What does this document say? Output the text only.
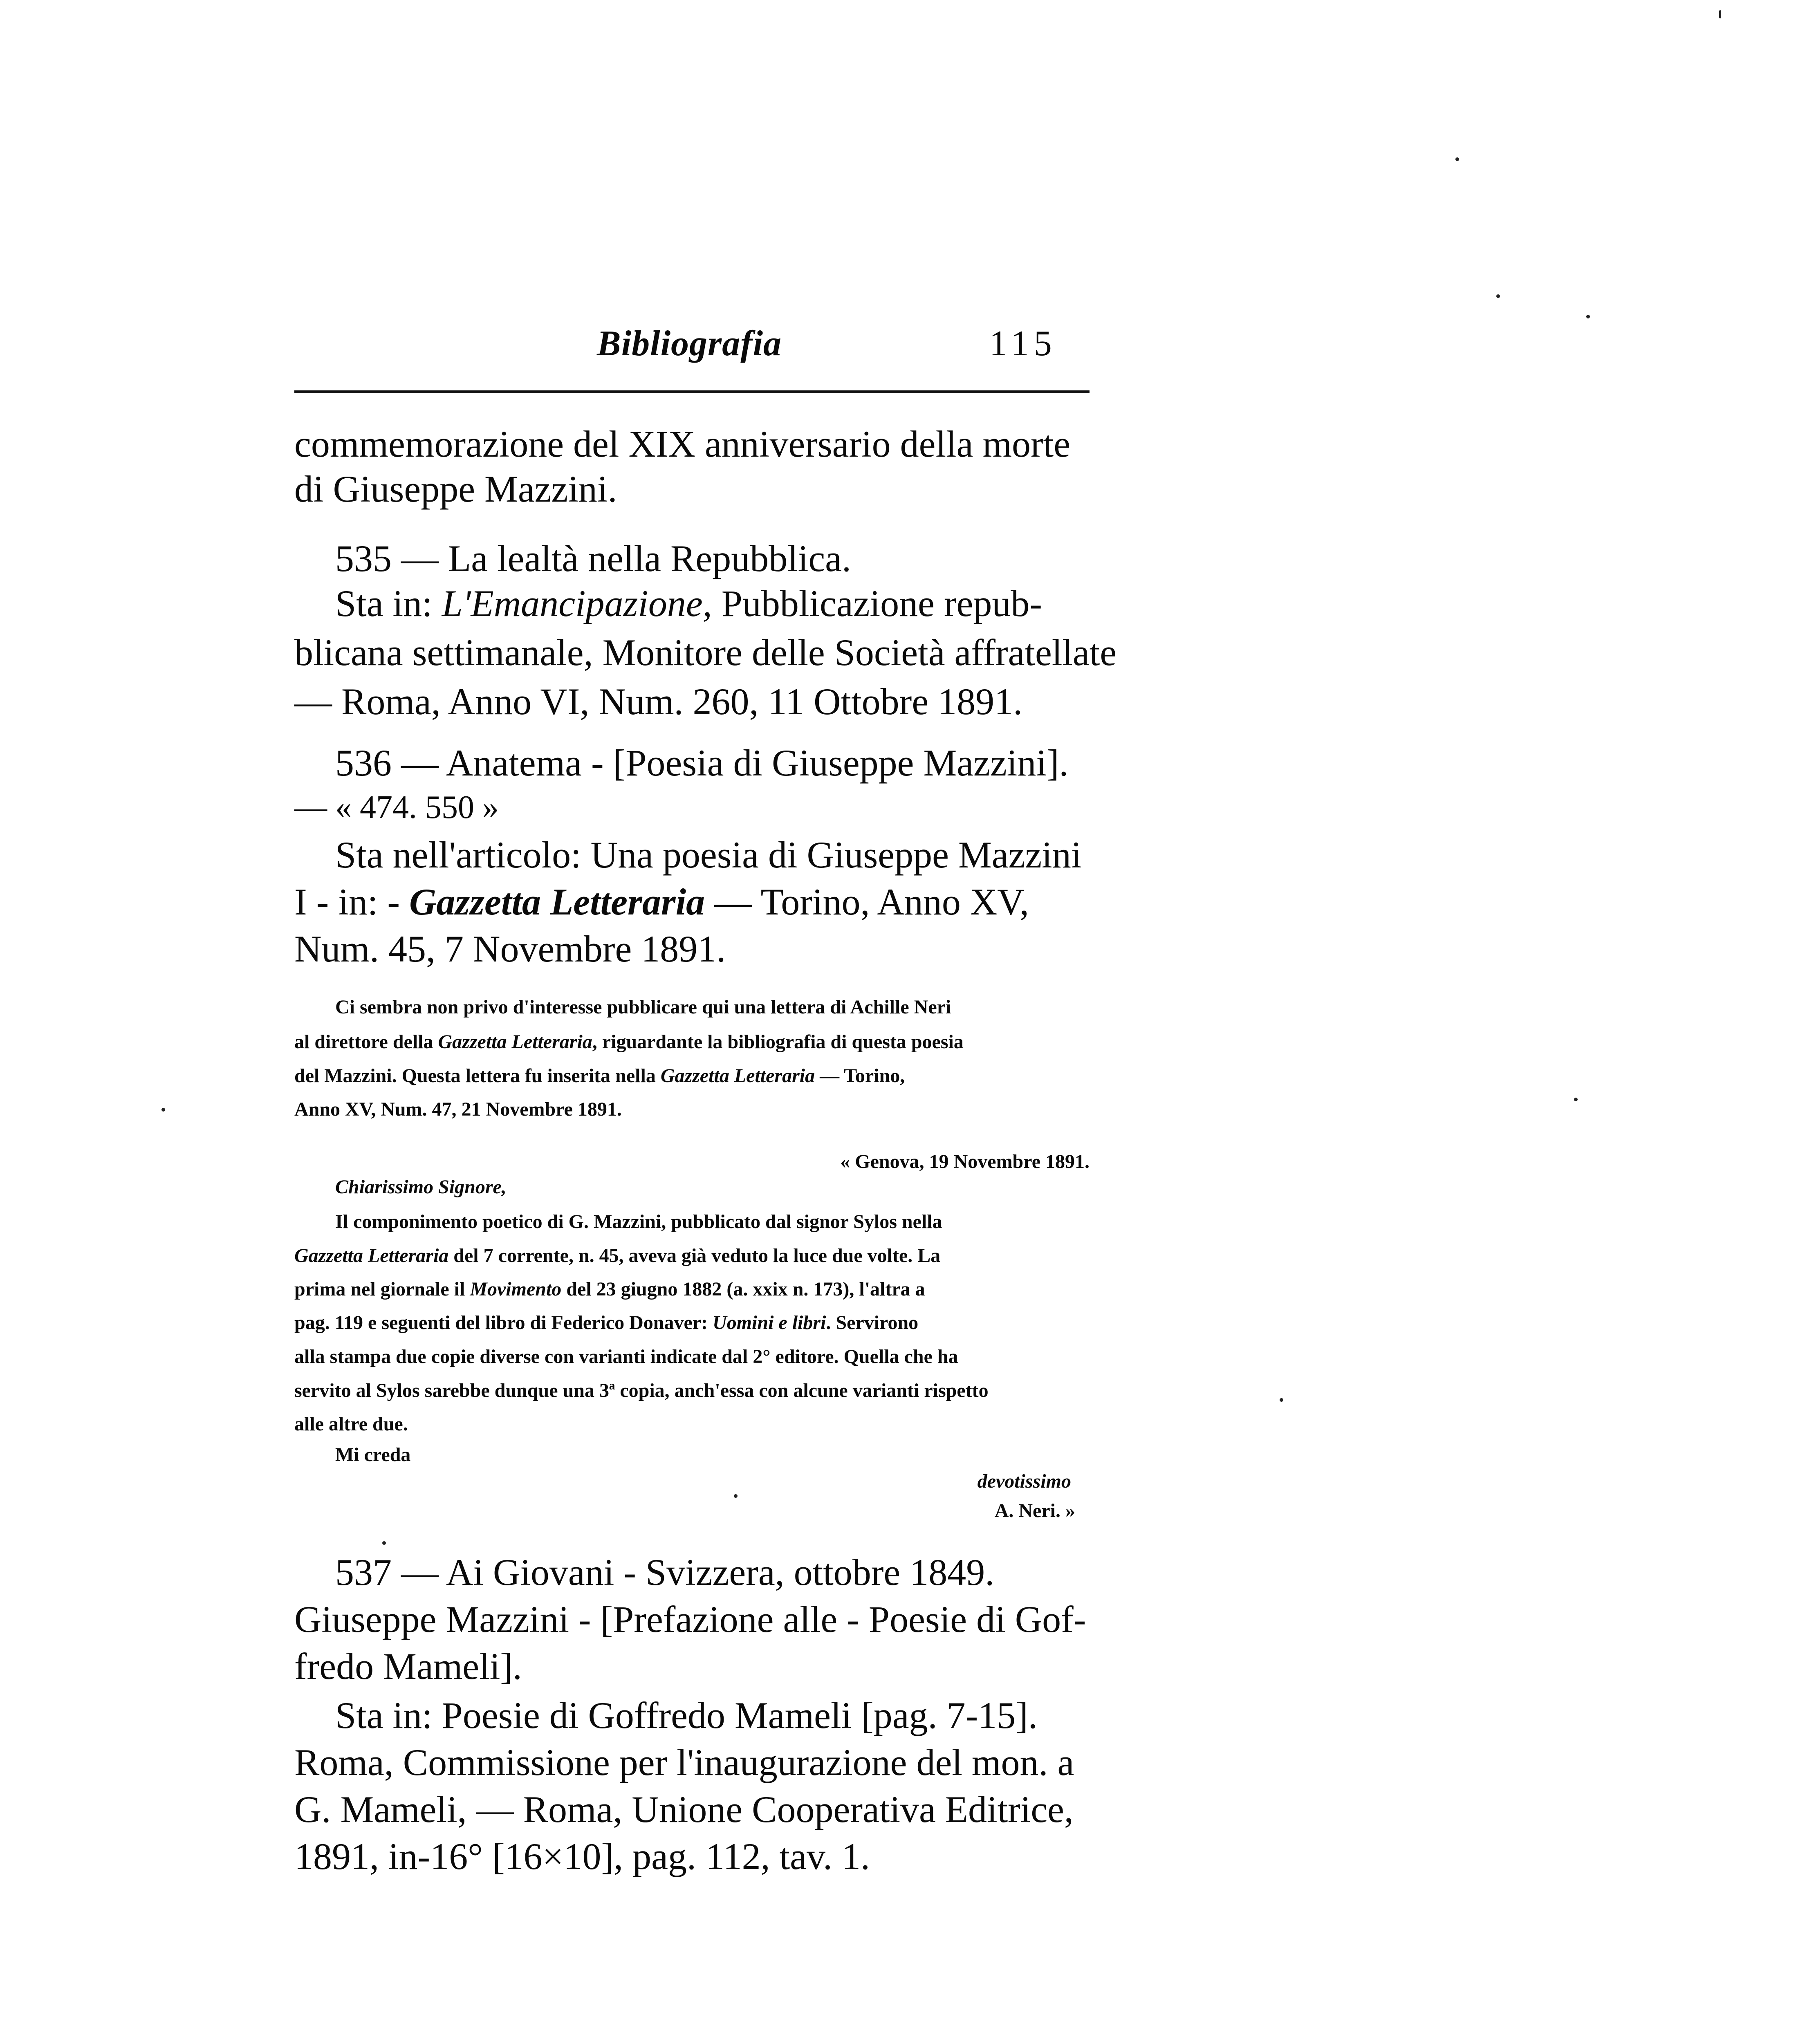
Bibliografia	115
commemorazione del XIX anniversario della morte
di Giuseppe Mazzini.
535 — La lealtà nella Repubblica.
Sta in: L'Emancipazione, Pubblicazione repub-
blicana settimanale, Monitore delle Società affratellate
— Roma, Anno VI, Num. 260, 11 Ottobre 1891.
536 — Anatema - [Poesia di Giuseppe Mazzini].
— « 474. 550 »
Sta nell'articolo: Una poesia di Giuseppe Mazzini
I - in: - Gazzetta Letteraria — Torino, Anno XV,
Num. 45, 7 Novembre 1891.
Ci sembra non privo d'interesse pubblicare qui una lettera di Achille Neri
al direttore della Gazzetta Letteraria, riguardante la bibliografia di questa poesia
del Mazzini. Questa lettera fu inserita nella Gazzetta Letteraria — Torino,
Anno XV, Num. 47, 21 Novembre 1891.
« Genova, 19 Novembre 1891.
Chiarissimo Signore,
Il componimento poetico di G. Mazzini, pubblicato dal signor Sylos nella
Gazzetta Letteraria del 7 corrente, n. 45, aveva già veduto la luce due volte. La
prima nel giornale il Movimento del 23 giugno 1882 (a. xxix n. 173), l'altra a
pag. 119 e seguenti del libro di Federico Donaver: Uomini e libri. Servirono
alla stampa due copie diverse con varianti indicate dal 2° editore. Quella che ha
servito al Sylos sarebbe dunque una 3ª copia, anch'essa con alcune varianti rispetto
alle altre due.
Mi creda
devotissimo
A. Neri. »
537 — Ai Giovani - Svizzera, ottobre 1849.
Giuseppe Mazzini - [Prefazione alle - Poesie di Gof-
fredo Mameli].
Sta in: Poesie di Goffredo Mameli [pag. 7-15].
Roma, Commissione per l'inaugurazione del mon. a
G. Mameli, — Roma, Unione Cooperativa Editrice,
1891, in-16° [16×10], pag. 112, tav. 1.
